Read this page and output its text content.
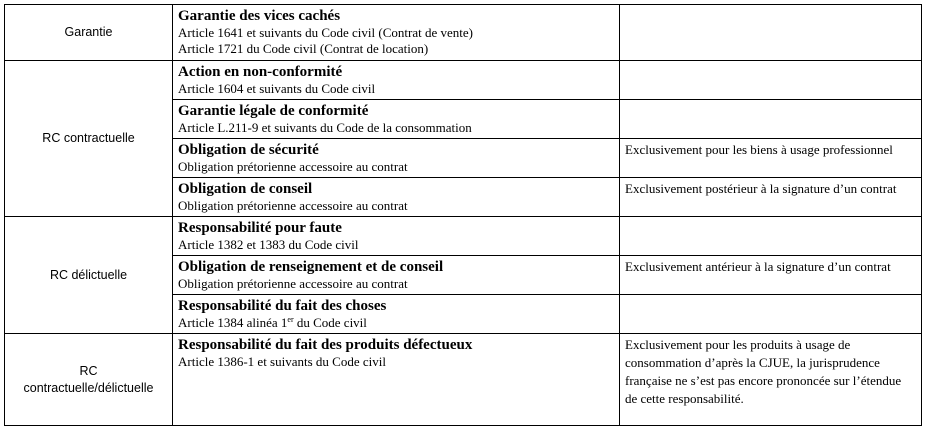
Garantie	Garantie des vices cachés
Article 1641 et suivants du Code civil (Contrat de vente)
Article 1721 du Code civil (Contrat de location)	

RC contractuelle	Action en non-conformité
Article 1604 et suivants du Code civil	

	Garantie légale de conformité
Article L.211-9 et suivants du Code de la consommation	

	Obligation de sécurité
Obligation prétorienne accessoire au contrat	Exclusivement pour les biens à usage professionnel

	Obligation de conseil
Obligation prétorienne accessoire au contrat	Exclusivement postérieur à la signature d’un contrat
RC délictuelle	Responsabilité pour faute
Article 1382 et 1383 du Code civil	

	Obligation de renseignement et de conseil
Obligation prétorienne accessoire au contrat	Exclusivement antérieur à la signature d’un contrat

	Responsabilité du fait des choses
Article 1384 alinéa 1er du Code civil	

RC
contractuelle/délictuelle	Responsabilité du fait des produits défectueux
Article 1386-1 et suivants du Code civil	Exclusivement pour les produits à usage de consommation d’après la CJUE, la jurisprudence française ne s’est pas encore prononcée sur l’étendue de cette responsabilité.
